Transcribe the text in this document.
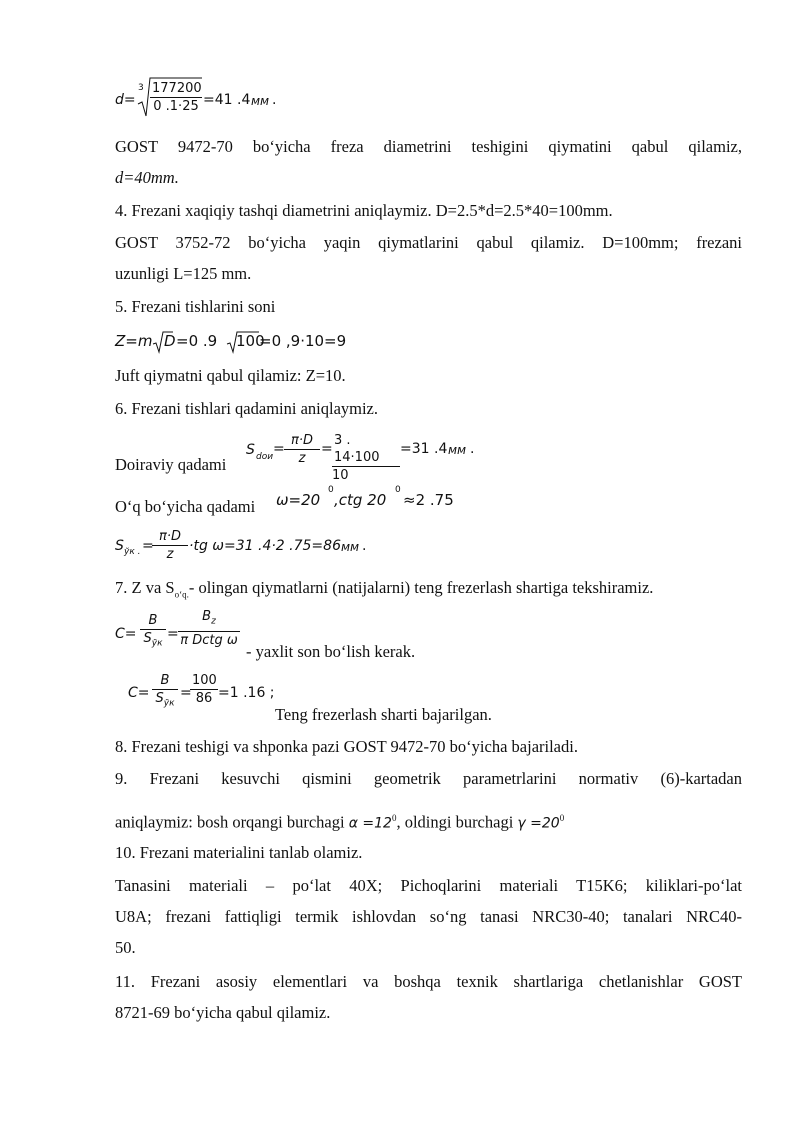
d=
$3 \frac{177200}{0 .1\cdot 25} =41$ .4 мм .
GOST 9472-70 bo‘yicha freza diametrini teshigini qiymatini qabul qilamiz,
d=40mm.
4. Frezani xaqiqiy tashqi diametrini aniqlaymiz. D=2.5*d=2.5*40=100mm.
GOST 3752-72 bo‘yicha yaqin qiymatlarini qabul qilamiz. D=100mm; frezani
uzunligi L=125 mm.
5. Frezani tishlarini soni
Z=m D =0 .9 100
=0 ,9·10=9
Juft qiymatni qabul qilamiz: Z=10.
6. Frezani tishlari qadamini aniqlaymiz.
Doiraviy qadami
S doи = $\frac{\pi\cdot D}{z} = \frac{3 . 14\cdot 100}{10} =31$ .4 мм .
O‘q bo‘yicha qadami ω=20
0
,ctg 20
0
≈2 .75
S ўк . =
$\frac{\pi\cdot D}{z} \cdot tg$ ω=31 .4·2 .75=86 мм .
7. Z va $S_{o‘q.}-$ olingan qiymatlarni (natijalarni) teng frezerlash shartiga tekshiramiz.
C=
B
$S_{ўк}$
=
$B_z$
π Dctg ω
- yaxlit son bo‘lish kerak.
C=
B
$S_{ўк}$
=
$\frac{100}{86} =1$ .16 ;
Teng frezerlash sharti bajarilgan.
8. Frezani teshigi va shponka pazi GOST 9472-70 bo‘yicha bajariladi.
9. Frezani kesuvchi qismini geometrik parametrlarini normativ (6)-kartadan
aniqlaymiz: bosh orqangi burchagi $\alpha =12^0$, oldingi burchagi $\gamma =20^0$
10. Frezani materialini tanlab olamiz.
Tanasini materiali – po‘lat 40X; Pichoqlarini materiali T15K6; kiliklari-po‘lat
U8A; frezani fattiqligi termik ishlovdan so‘ng tanasi NRC30-40; tanalari NRC40-
50.
11. Frezani asosiy elementlari va boshqa texnik shartlariga chetlanishlar GOST
8721-69 bo‘yicha qabul qilamiz.
